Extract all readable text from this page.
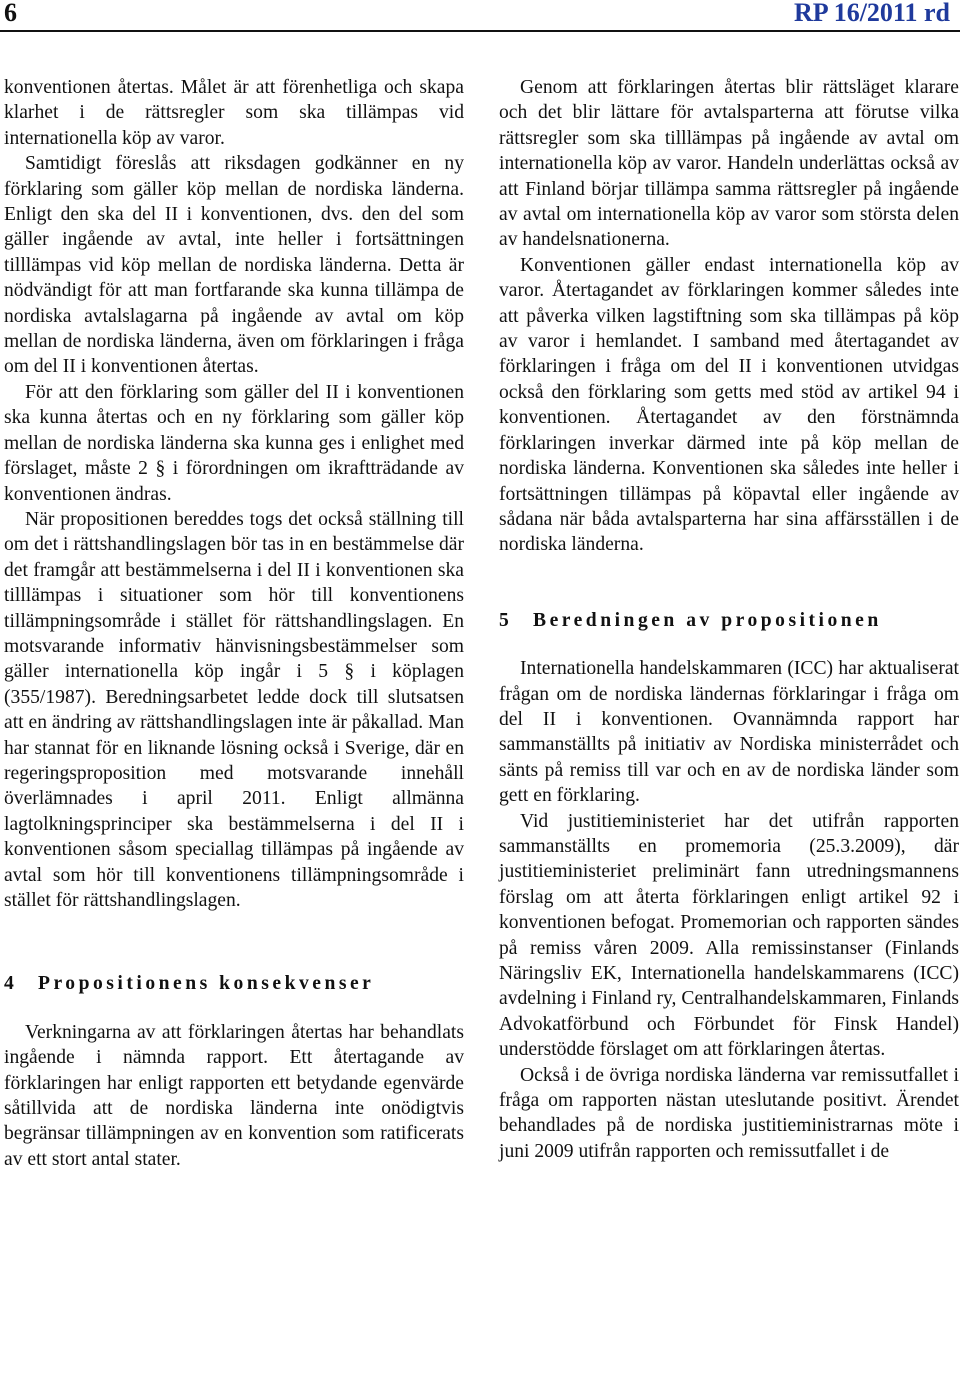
6	RP 16/2011 rd

konventionen återtas. Målet är att förenhetliga och skapa klarhet i de rättsregler som ska tillämpas vid internationella köp av varor.

Samtidigt föreslås att riksdagen godkänner en ny förklaring som gäller köp mellan de nordiska länderna. Enligt den ska del II i konventionen, dvs. den del som gäller ingående av avtal, inte heller i fortsättningen tilllämpas vid köp mellan de nordiska länderna. Detta är nödvändigt för att man fortfarande ska kunna tillämpa de nordiska avtalslagarna på ingående av avtal om köp mellan de nordiska länderna, även om förklaringen i fråga om del II i konventionen återtas.

För att den förklaring som gäller del II i konventionen ska kunna återtas och en ny förklaring som gäller köp mellan de nordiska länderna ska kunna ges i enlighet med förslaget, måste 2 § i förordningen om ikraftträdande av konventionen ändras.

När propositionen bereddes togs det också ställning till om det i rättshandlingslagen bör tas in en bestämmelse där det framgår att bestämmelserna i del II i konventionen ska tilllämpas i situationer som hör till konventionens tillämpningsområde i stället för rättshandlingslagen. En motsvarande informativ hänvisningsbestämmelser som gäller internationella köp ingår i 5 § i köplagen (355/1987). Beredningsarbetet ledde dock till slutsatsen att en ändring av rättshandlingslagen inte är påkallad. Man har stannat för en liknande lösning också i Sverige, där en regeringsproposition med motsvarande innehåll överlämnades i april 2011. Enligt allmänna lagtolkningsprinciper ska bestämmelserna i del II i konventionen såsom speciallag tillämpas på ingående av avtal som hör till konventionens tillämpningsområde i stället för rättshandlingslagen.

4 Propositionens konsekvenser

Verkningarna av att förklaringen återtas har behandlats ingående i nämnda rapport. Ett återtagande av förklaringen har enligt rapporten ett betydande egenvärde såtillvida att de nordiska länderna inte onödigtvis begränsar tillämpningen av en konvention som ratificerats av ett stort antal stater.

Genom att förklaringen återtas blir rättsläget klarare och det blir lättare för avtalsparterna att förutse vilka rättsregler som ska tilllämpas på ingående av avtal om internationella köp av varor. Handeln underlättas också av att Finland börjar tillämpa samma rättsregler på ingående av avtal om internationella köp av varor som största delen av handelsnationerna.

Konventionen gäller endast internationella köp av varor. Återtagandet av förklaringen kommer således inte att påverka vilken lagstiftning som ska tillämpas på köp av varor i hemlandet. I samband med återtagandet av förklaringen i fråga om del II i konventionen utvidgas också den förklaring som getts med stöd av artikel 94 i konventionen. Återtagandet av den förstnämnda förklaringen inverkar därmed inte på köp mellan de nordiska länderna. Konventionen ska således inte heller i fortsättningen tillämpas på köpavtal eller ingående av sådana när båda avtalsparterna har sina affärsställen i de nordiska länderna.

5 Beredningen av propositionen

Internationella handelskammaren (ICC) har aktualiserat frågan om de nordiska ländernas förklaringar i fråga om del II i konventionen. Ovannämnda rapport har sammanställts på initiativ av Nordiska ministerrådet och sänts på remiss till var och en av de nordiska länder som gett en förklaring.

Vid justitieministeriet har det utifrån rapporten sammanställts en promemoria (25.3.2009), där justitieministeriet preliminärt fann utredningsmannens förslag om att återta förklaringen enligt artikel 92 i konventionen befogat. Promemorian och rapporten sändes på remiss våren 2009. Alla remissinstanser (Finlands Näringsliv EK, Internationella handelskammarens (ICC) avdelning i Finland ry, Centralhandelskammaren, Finlands Advokatförbund och Förbundet för Finsk Handel) understödde förslaget om att förklaringen återtas.

Också i de övriga nordiska länderna var remissutfallet i fråga om rapporten nästan uteslutande positivt. Ärendet behandlades på de nordiska justitieministrarnas möte i juni 2009 utifrån rapporten och remissutfallet i de
